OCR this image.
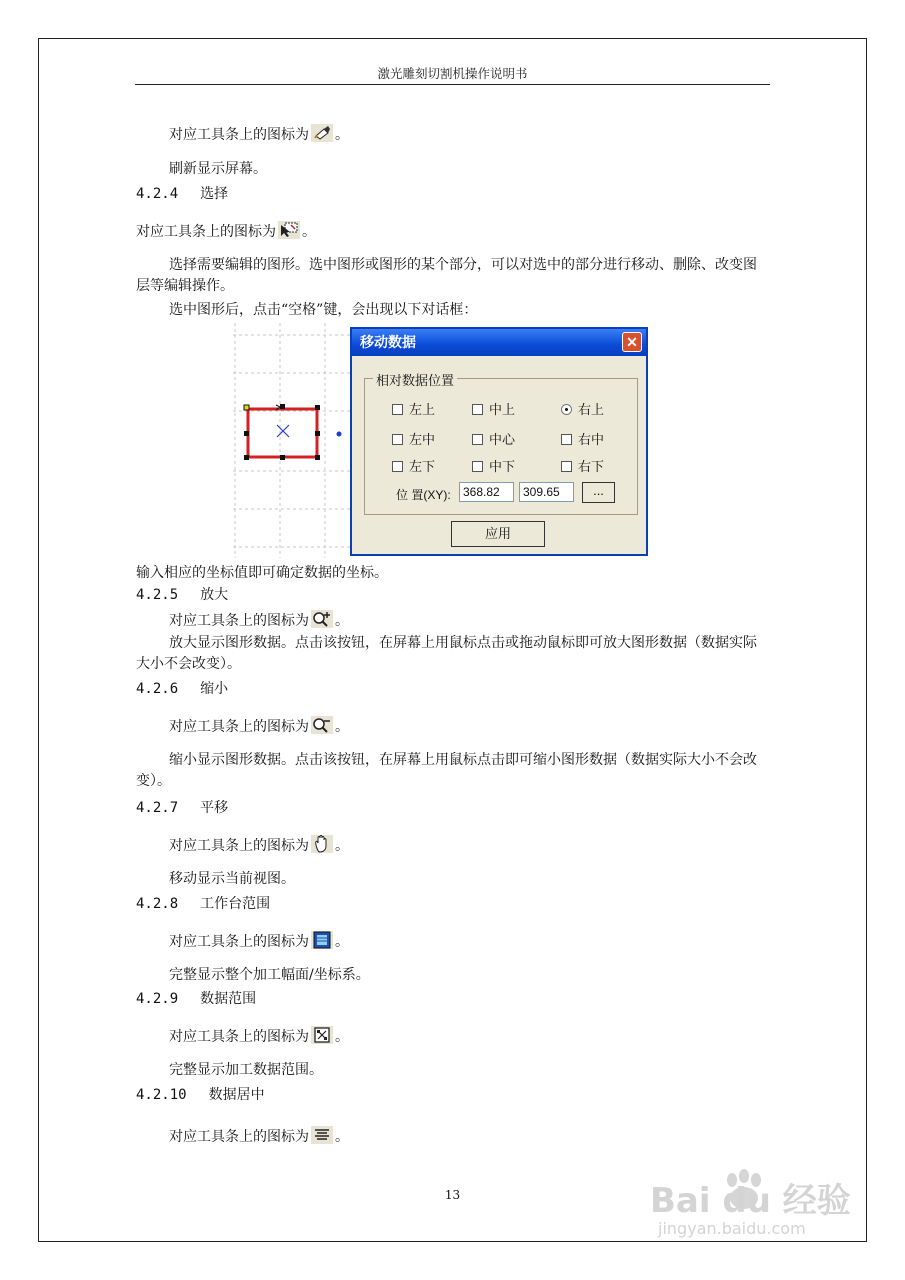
激光雕刻切割机操作说明书
对应工具条上的图标为 。
刷新显示屏幕。
4.2.4 选择
对应工具条上的图标为 。
选择需要编辑的图形。选中图形或图形的某个部分，可以对选中的部分进行移动、删除、改变图层等编辑操作。
选中图形后，点击“空格”键，会出现以下对话框：
移动数据	✕
相对数据位置
左上	中上	右上
左中	中心	右中
左下	中下	右下
位 置(XY):	368.82	309.65	...
应用
输入相应的坐标值即可确定数据的坐标。
4.2.5 放大
对应工具条上的图标为 。
放大显示图形数据。点击该按钮，在屏幕上用鼠标点击或拖动鼠标即可放大图形数据（数据实际大小不会改变）。
4.2.6 缩小
对应工具条上的图标为 。
缩小显示图形数据。点击该按钮，在屏幕上用鼠标点击即可缩小图形数据（数据实际大小不会改变）。
4.2.7 平移
对应工具条上的图标为 。
移动显示当前视图。
4.2.8 工作台范围
对应工具条上的图标为 。
完整显示整个加工幅面/坐标系。
4.2.9 数据范围
对应工具条上的图标为 。
完整显示加工数据范围。
4.2.10 数据居中
对应工具条上的图标为 。
13	Bai du 经验
jingyan.baidu.com
